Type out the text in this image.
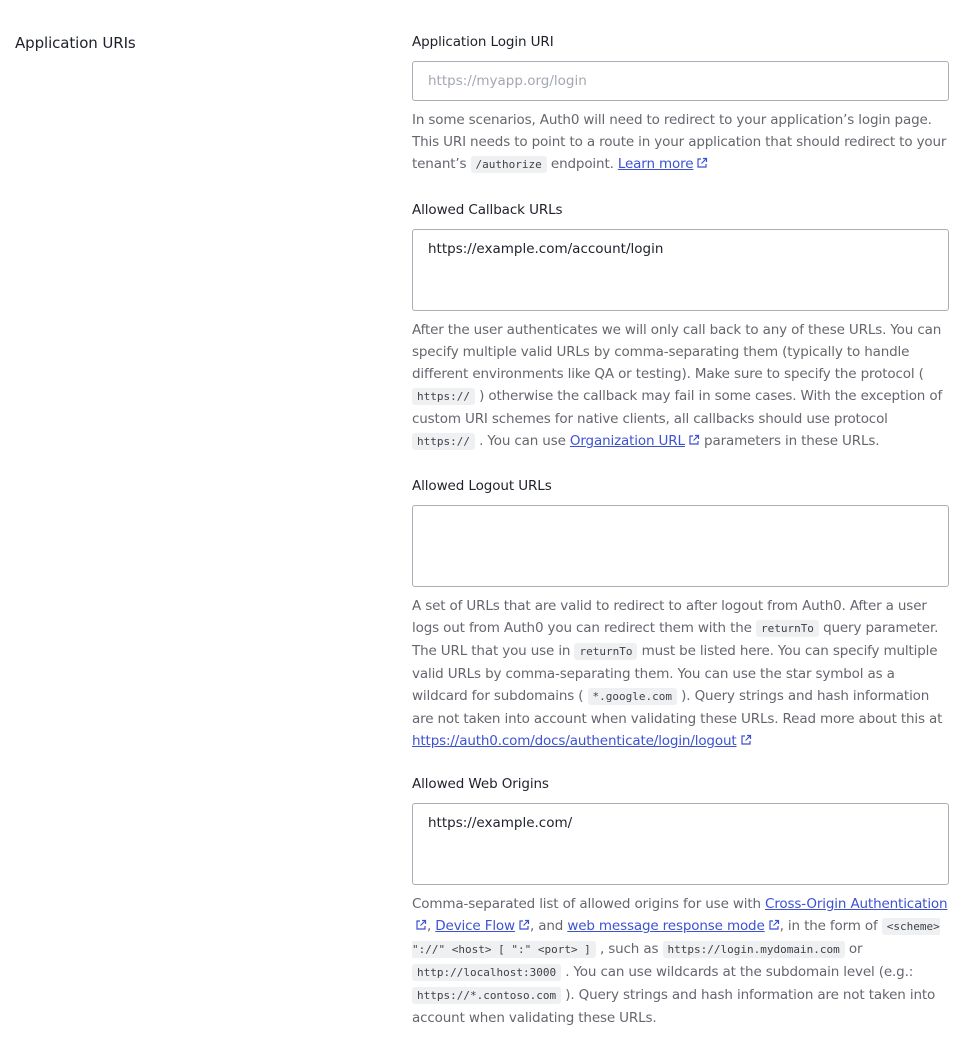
Application URIs	Application Login URI
https://myapp.org/login
In some scenarios, Auth0 will need to redirect to your application’s login page. This URI needs to point to a route in your application that should redirect to your tenant’s /authorize endpoint. Learn more
Allowed Callback URLs
https://example.com/account/login
After the user authenticates we will only call back to any of these URLs. You can specify multiple valid URLs by comma-separating them (typically to handle different environments like QA or testing). Make sure to specify the protocol ( https:// ) otherwise the callback may fail in some cases. With the exception of custom URI schemes for native clients, all callbacks should use protocol https:// . You can use Organization URL parameters in these URLs.
Allowed Logout URLs
A set of URLs that are valid to redirect to after logout from Auth0. After a user logs out from Auth0 you can redirect them with the returnTo query parameter. The URL that you use in returnTo must be listed here. You can specify multiple valid URLs by comma-separating them. You can use the star symbol as a wildcard for subdomains ( *.google.com ). Query strings and hash information are not taken into account when validating these URLs. Read more about this at https://auth0.com/docs/authenticate/login/logout
Allowed Web Origins
https://example.com/
Comma-separated list of allowed origins for use with Cross-Origin Authentication, Device Flow , and web message response mode , in the form of <scheme> "://" <host> [ ":" <port> ] , such as https://login.mydomain.com or http://localhost:3000 . You can use wildcards at the subdomain level (e.g.: https://*.contoso.com ). Query strings and hash information are not taken into account when validating these URLs.
